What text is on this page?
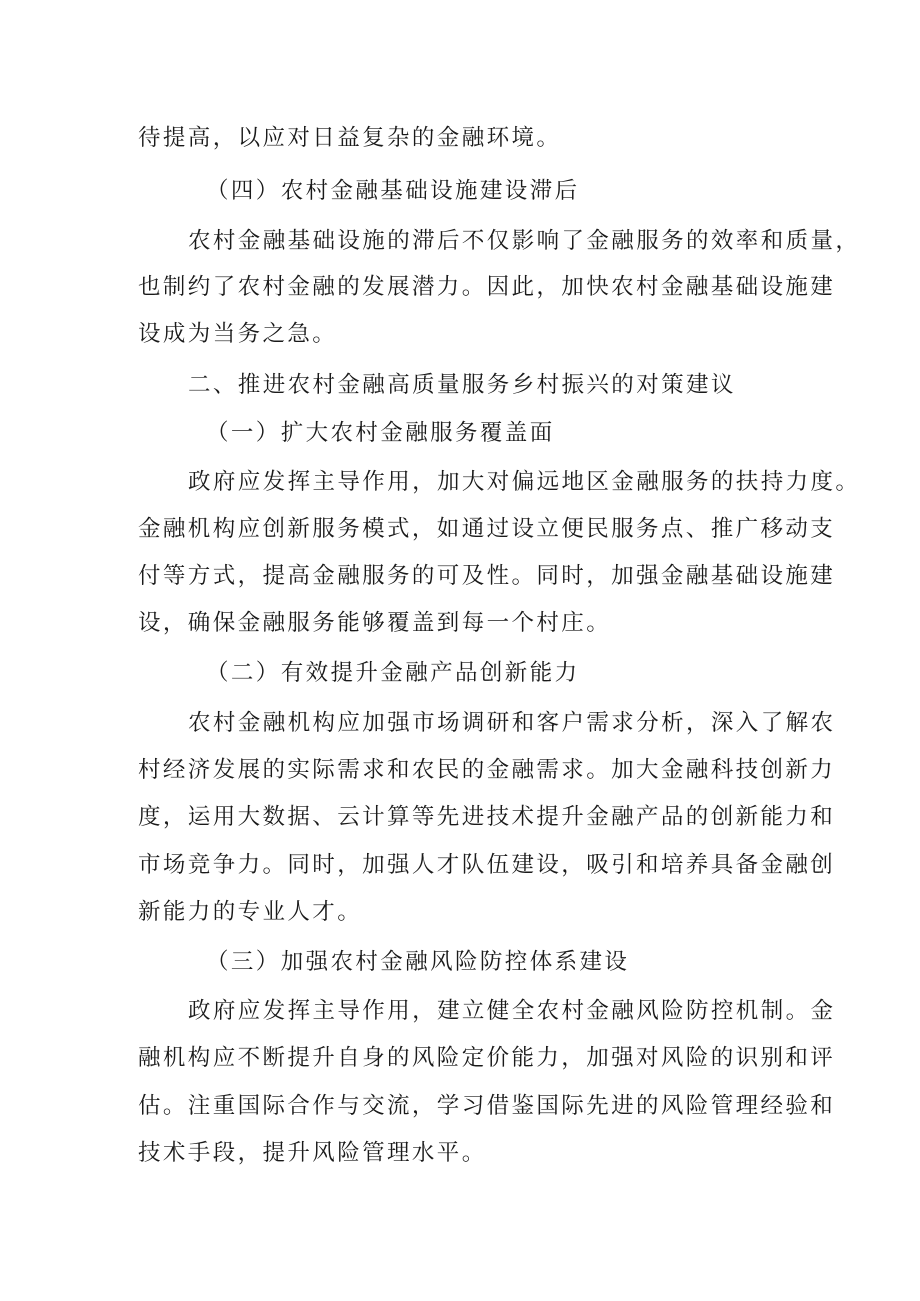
待提高，以应对日益复杂的金融环境。
（四）农村金融基础设施建设滞后
农村金融基础设施的滞后不仅影响了金融服务的效率和质量，
也制约了农村金融的发展潜力。因此，加快农村金融基础设施建
设成为当务之急。
二、推进农村金融高质量服务乡村振兴的对策建议
（一）扩大农村金融服务覆盖面
政府应发挥主导作用，加大对偏远地区金融服务的扶持力度。
金融机构应创新服务模式，如通过设立便民服务点、推广移动支
付等方式，提高金融服务的可及性。同时，加强金融基础设施建
设，确保金融服务能够覆盖到每一个村庄。
（二）有效提升金融产品创新能力
农村金融机构应加强市场调研和客户需求分析，深入了解农
村经济发展的实际需求和农民的金融需求。加大金融科技创新力
度，运用大数据、云计算等先进技术提升金融产品的创新能力和
市场竞争力。同时，加强人才队伍建设，吸引和培养具备金融创
新能力的专业人才。
（三）加强农村金融风险防控体系建设
政府应发挥主导作用，建立健全农村金融风险防控机制。金
融机构应不断提升自身的风险定价能力，加强对风险的识别和评
估。注重国际合作与交流，学习借鉴国际先进的风险管理经验和
技术手段，提升风险管理水平。
